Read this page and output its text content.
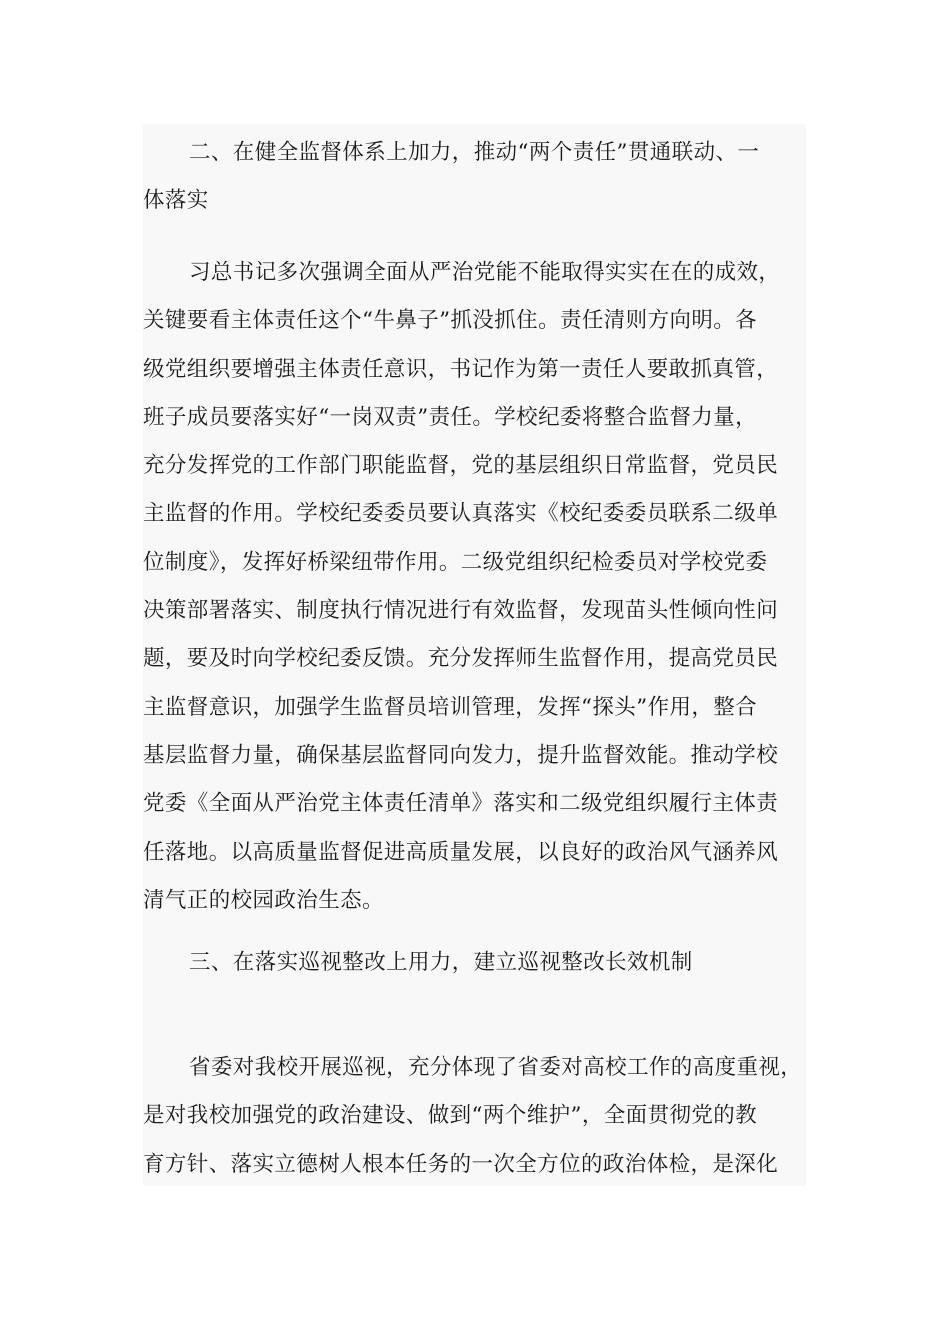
二、在健全监督体系上加力，推动“两个责任”贯通联动、一
体落实
习总书记多次强调全面从严治党能不能取得实实在在的成效，
关键要看主体责任这个“牛鼻子”抓没抓住。责任清则方向明。各
级党组织要增强主体责任意识，书记作为第一责任人要敢抓真管，
班子成员要落实好“一岗双责”责任。学校纪委将整合监督力量，
充分发挥党的工作部门职能监督，党的基层组织日常监督，党员民
主监督的作用。学校纪委委员要认真落实《校纪委委员联系二级单
位制度》，发挥好桥梁纽带作用。二级党组织纪检委员对学校党委
决策部署落实、制度执行情况进行有效监督，发现苗头性倾向性问
题，要及时向学校纪委反馈。充分发挥师生监督作用，提高党员民
主监督意识，加强学生监督员培训管理，发挥“探头”作用，整合
基层监督力量，确保基层监督同向发力，提升监督效能。推动学校
党委《全面从严治党主体责任清单》落实和二级党组织履行主体责
任落地。以高质量监督促进高质量发展，以良好的政治风气涵养风
清气正的校园政治生态。
三、在落实巡视整改上用力，建立巡视整改长效机制
省委对我校开展巡视，充分体现了省委对高校工作的高度重视，
是对我校加强党的政治建设、做到“两个维护”，全面贯彻党的教
育方针、落实立德树人根本任务的一次全方位的政治体检，是深化
